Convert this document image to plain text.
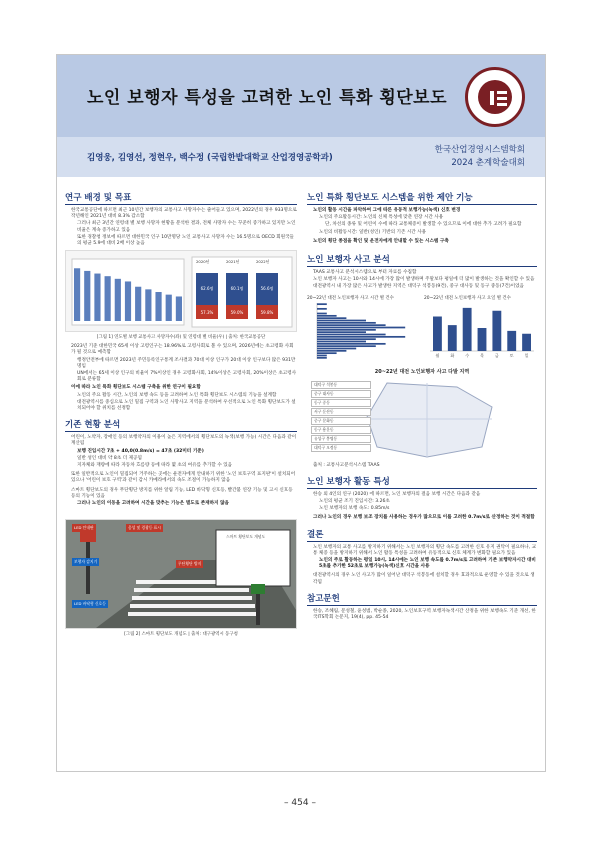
노인 보행자 특성을 고려한 노인 특화 횡단보도
김영웅, 김영선, 정현우, 백수정 (국립한밭대학교 산업경영공학과)
한국산업경영시스템학회
2024 춘계학술대회
연구 배경 및 목표
한국교통공단에 따르면 최근 10년간 보행자의 교통사고 사망자수는 줄어들고 있으며, 2022년의 경우 933명으로 작년해인 2021년 대비 8.3% 감소함
그러나 최근 3년간 연령대 별 보행 사망자 현황을 분석한 결과, 전체 사망자 수는 꾸준히 증가하고 있지만 노인 비율은 계속 증가하고 있음
또한 경찰청 정보에 따르면 대한민국 인구 10만명당 노인 교통사고 사망자 수는 16.5명으로 OECD 회원국들의 평균 5.9에 대비 2배 이상 높음
62.6명
57.3%
2020년
60.1명
59.0%
2021년
56.6명
59.8%
2022년
[그림 1] 연도별 보행 교통사고 사망자수(좌) 및 연령대 별 비율(우) | 출처: 한국교통공단
2023년 기준 대한민국 65세 이상 고령인구는 18.96%로 고령사회로 볼 수 있으며, 2026년에는 초고령화 사회가 될 것으로 예측함
행정안전부에 따르면 2023년 주민등록인구통계 조사결과 70대 이상 인구가 20대 이상 인구보다 많은 931만명임
UN에서는 65세 이상 인구의 비율이 7%이상인 경우 고령화사회, 14%이상은 고령사회, 20%이상은 초고령사회로 분류함
이에 따라 노인 특화 횡단보도 시스템 구축을 위한 연구이 필요함
노인의 주요 활동 시간, 노인의 보행 속도 등을 고려하여 노인 특화 횡단보도 시스템의 기능을 설계함
대전광역시를 중심으로 노인 밀집 구역과 노인 사망사고 지역을 분석하여 우선적으로 노인 특화 횡단보도가 설치되어야 할 위치를 선정함
기존 현황 분석
어린이, 노약자, 장애인 등의 보행약자의 이용이 높은 지역에서의 횡단보도의 녹색(보행 가능) 시간은 다음과 같이 계산됨
보행 진입시간 7초 + 40,0(0.8m/s) = 47초 (32미터 기준)
일반 성인 대비 약 8초 더 제공됨
지자체와 재량에 따라 자동차 흐름량 등에 따라 몇 초의 여유를 추가할 수 있음
또한 일반적으로 노인이 밀집되어 거주하는 곳에는 운전자에게 안내하기 위한 '노인 보호구역 표지판'이 설치되어 있으나 '어린이 보호 구역'과 같이 감시 카메라에서의 속도 조절이 가능하지 않음
스마트 횡단보도의 경우 무단횡단 방지를 위한 알림 기능, LED 바닥형 신호등, 빨간불 연장 기능 및 고시 신호등 등의 기능이 있음
그러나 노인의 이동을 고려하여 시간을 맞추는 기능은 별도로 존재하지 않음
LED 안내판	음성 및 경광등 표시
보행자 감지기
LED 바닥형 신호등
무단횡단 방지
스마트 횡단보도 개념도
[그림 2] 스마트 횡단보도 개념도 | 출처: 대구광역시 동구청
노인 특화 횡단보도 시스템을 위한 제안 기능
노인의 활동 시간을 파악하여 그에 따른 유동적 보행가능(녹색) 신호 변경
노인의 주요활동시간: 노인의 신체 특성에 맞춘 연장 시간 사용
단, 차선의 종류 및 어린이 수에 따라 교통체증이 발생할 수 있으므로 이에 대한 추가 고려가 필요함
노인의 비활동시간: 일반(성인) 기반의 기존 시간 사용
노인의 횡단 종점을 확인 및 운전자에게 안내할 수 있는 시스템 구축
노인 보행자 사고 분석
TAAS 교통사고 분석시스템으로 부터 자료를 수집함
노인 보행자 사고는 10시와 14시에 가장 많이 발생하며 주말보다 평일에 더 많이 발생하는 것을 확인할 수 있음
대전광역시 내 가장 많은 사고가 발생한 지역은 대덕구 석봉동(9건), 중구 대사동 및 동구 중동(7건)이었음
20~22년 대전 노인보행자 사고 시간 별 건수	20~22년 대전 노인보행자 사고 요일 별 건수
월	화	수	목	금	토	일
20~22년 대전 노인보행자 사고 다발 지역
대덕구 석봉동
중구 대사동
동구 중동
서구 둔산동
중구 문화동
동구 용운동
유성구 봉명동
대덕구 오정동
출처 : 교통사고분석시스템 TAAS
노인 보행자 활동 특성
한승 외 4인의 연구 (2020) 에 따르면, 노인 보행자의 걸음 보행 시간은 다음과 같음
노인의 평균 조기 진입시간: 3.26초
노인 보행자의 보행 속도: 0.85m/s
그러나 노인의 경우 보행 보조 장치를 사용하는 경우가 많으므로 이를 고려한 0.7m/s로 산정하는 것이 적절함
결론
노인 보행자의 교통 사고를 방지하기 위해서는 노인 보행자의 횡단 속도를 고려한 신호 유지 권탁이 필요하나, 교통 체증 등을 방지하기 위해서 노인 활동 특성을 고려하여 유동적으로 신호 체계가 변화할 필요가 있음
노인의 주로 활동하는 평일 10시, 14시에는 노인 보행 속도를 0.7m/s로 고려하여 기존 보행약자시간 대비 5초를 추가한 52초로 보행가능(녹색)신호 시간을 사용
대전광역시의 경우 노인 사고가 많이 일어난 대덕구 석봉동에 설치할 경우 효과적으로 운영할 수 있을 것으로 생각됨
참고문헌
한승, 조혜림, 문성철, 윤성범, 박순종, 2020, 노인보호구역 보행자녹색시간 산정을 위한 보행속도 기준 개선, 한국ITS학회 논문지, 19(4), pp. 45-54
– 454 –
